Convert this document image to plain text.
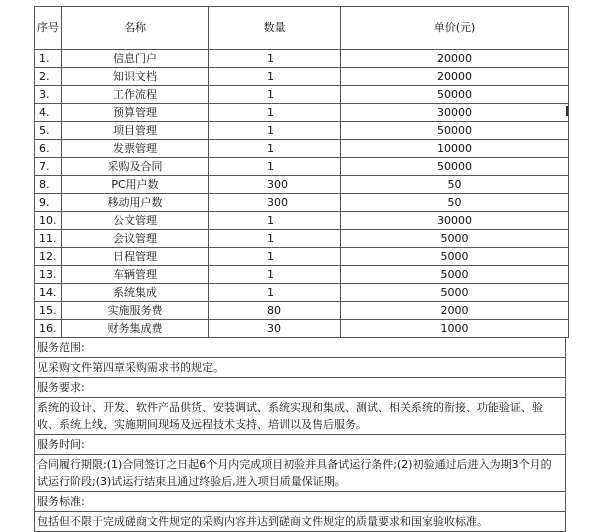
序号	名称	数量	单价(元)
1.	信息门户	1	20000
2.	知识文档	1	20000
3.	工作流程	1	50000
4.	预算管理	1	30000
5.	项目管理	1	50000
6.	发票管理	1	10000
7.	采购及合同	1	50000
8.	PC用户数	300	50
9.	移动用户数	300	50
10.	公文管理	1	30000
11.	会议管理	1	5000
12.	日程管理	1	5000
13.	车辆管理	1	5000
14.	系统集成	1	5000
15.	实施服务费	80	2000
16.	财务集成费	30	1000
服务范围:
见采购文件第四章采购需求书的规定。
服务要求:
系统的设计、开发、软件产品供货、安装调试、系统实现和集成、测试、相关系统的衔接、功能验证、验收、系统上线、实施期间现场及远程技术支持、培训以及售后服务。
服务时间:
合同履行期限:(1)合同签订之日起6个月内完成项目初验并具备试运行条件;(2)初验通过后进入为期3个月的试运行阶段;(3)试运行结束且通过终验后,进入项目质量保证期。
服务标准:
包括但不限于完成磋商文件规定的采购内容并达到磋商文件规定的质量要求和国家验收标准。
